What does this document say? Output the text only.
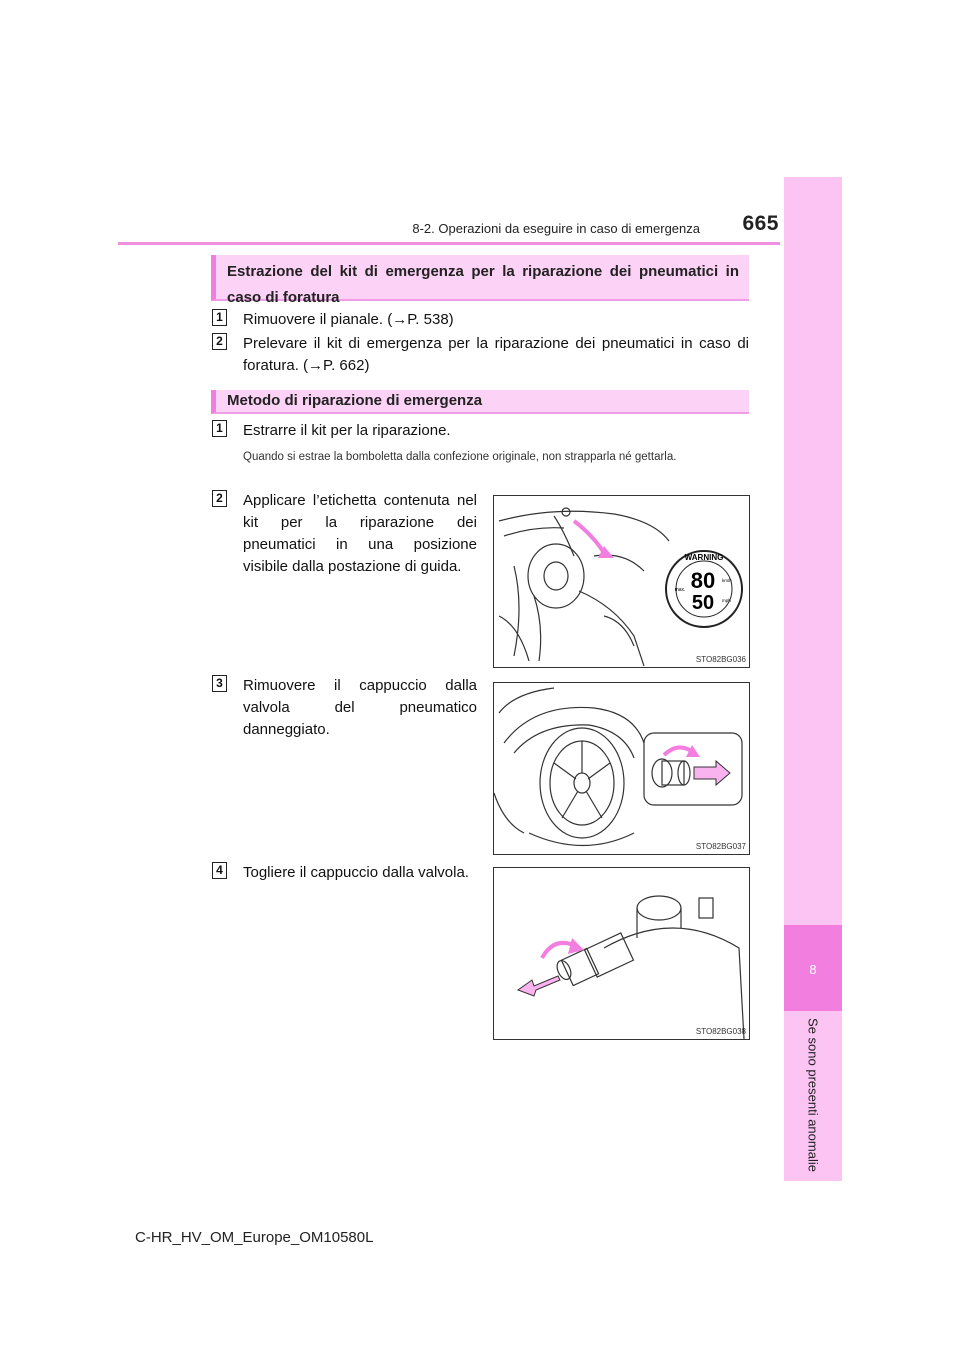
8-2. Operazioni da eseguire in caso di emergenza	665
8
Se sono presenti anomalie
Estrazione del kit di emergenza per la riparazione dei pneumatici in caso di foratura
1 Rimuovere il pianale. (→P. 538)
2 Prelevare il kit di emergenza per la riparazione dei pneumatici in caso di foratura. (→P. 662)
Metodo di riparazione di emergenza
1 Estrarre il kit per la riparazione.
Quando si estrae la bomboletta dalla confezione originale, non strapparla né gettarla.
2 Applicare l’etichetta contenuta nel kit per la riparazione dei pneumatici in una posizione visibile dalla postazione di guida.
3 Rimuovere il cappuccio dalla valvola del pneumatico danneggiato.
4 Togliere il cappuccio dalla valvola.
WARNING
80
50
max.
km/h
mph
STO82BG036
STO82BG037
STO82BG038
C-HR_HV_OM_Europe_OM10580L
